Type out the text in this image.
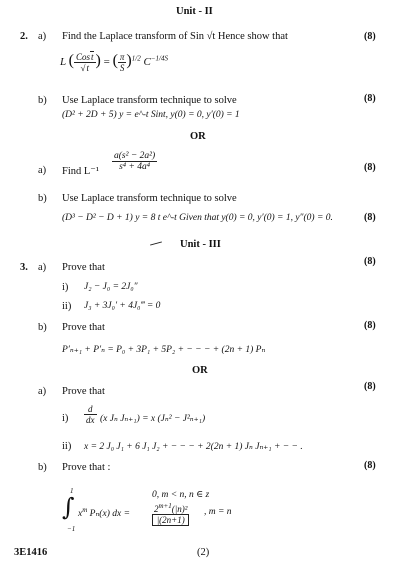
Unit - II
2. a) Find the Laplace transform of Sin √t Hence show that	(8)
L ( $\frac{\text{Cost}}{√t}$ ) = ( $\frac{\pi}{S} )^{1/2}$ $C^{-1/4S}$
b) Use Laplace transform technique to solve	(8)
(D² + 2D + 5) y = e^-t Sint, y(0) = 0, y′(0) = 1
OR
a) Find $L^{-1} \frac{\text{a(s² − 2a²)}}{\text{s⁴ + 4a⁴}}$	(8)
b) Use Laplace transform technique to solve
(D³ − D² − D + 1) y = 8 t e^-t Given that y(0) = 0, y′(0) = 1, y″(0) = 0.	(8)
Unit - III
3. a) Prove that
(8)
i) J₂ − J₀ = 2J₀″
ii) J₃ + 3J₀′ + 4J₀‴ = 0
b) Prove that	(8)
P′ₙ₊₁ + P′ₙ = P₀ + 3P₁ + 5P₂ + − − − + (2n + 1) Pₙ
OR
a) Prove that	(8)
$i) \frac{d}{dx} (x$ Jₙ Jₙ₊₁) = x (Jₙ² − J²ₙ₊₁)
ii) x = 2 J₀ J₁ + 6 J₁ J₂ + − − − + 2(2n + 1) Jₙ Jₙ₊₁ + − − .
b) Prove that :	(8)
∫
1
−1
$x^m$ Pₙ(x) dx =
0, m < n, n ∈ z
$\frac{2^{m+1}(|n)^2}{|(2n+1)}$ , m = n
3E1416	(2)
